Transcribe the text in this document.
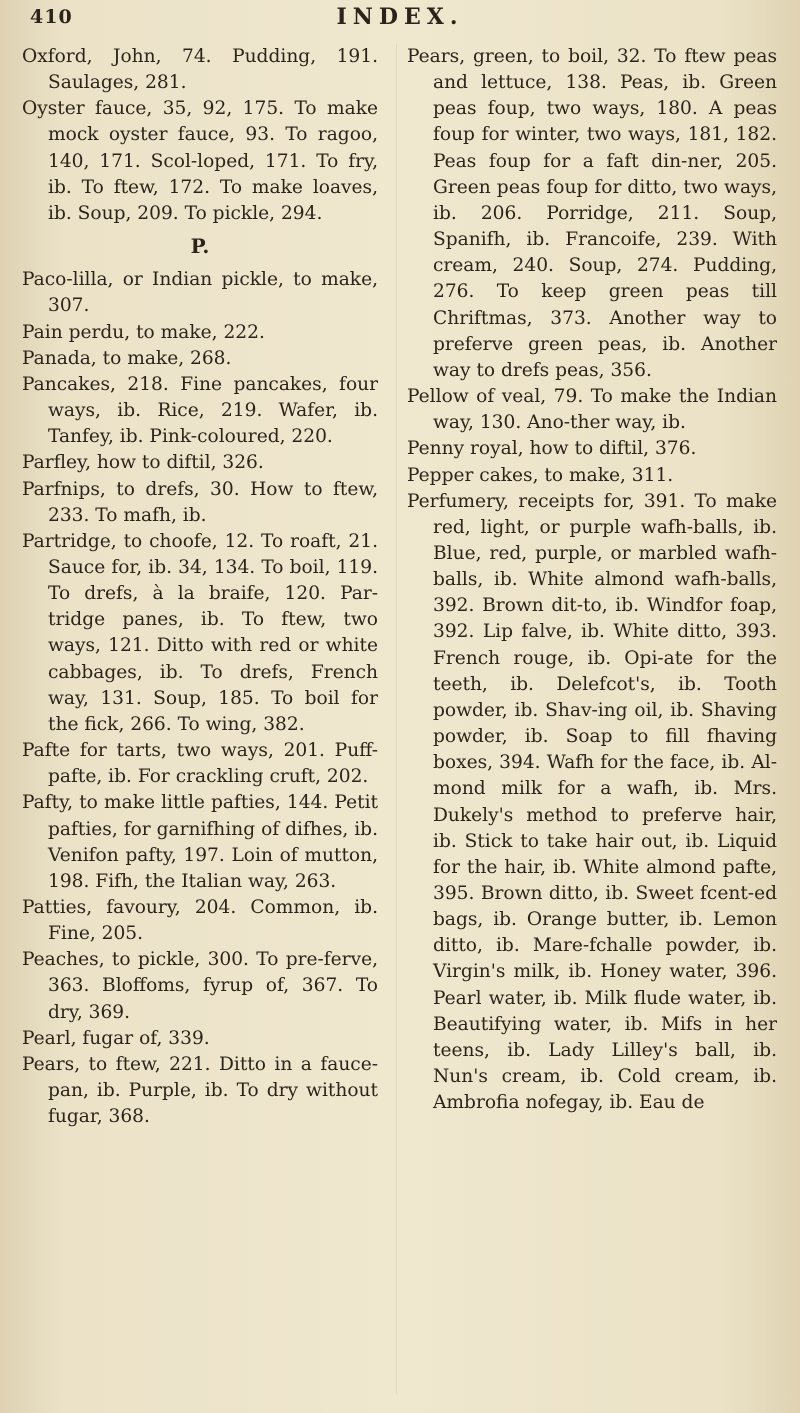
410	INDEX.

Oxford, John, 74. Pudding, 191. Saulages, 281.

Oyster fauce, 35, 92, 175. To make mock oyster fauce, 93. To ragoo, 140, 171. Scol-loped, 171. To fry, ib. To ftew, 172. To make loaves, ib. Soup, 209. To pickle, 294.

P.

Paco-lilla, or Indian pickle, to make, 307.

Pain perdu, to make, 222.

Panada, to make, 268.

Pancakes, 218. Fine pancakes, four ways, ib. Rice, 219. Wafer, ib. Tanfey, ib. Pink-coloured, 220.

Parfley, how to diftil, 326.

Parfnips, to drefs, 30. How to ftew, 233. To mafh, ib.

Partridge, to choofe, 12. To roaft, 21. Sauce for, ib. 34, 134. To boil, 119. To drefs, à la braife, 120. Par-tridge panes, ib. To ftew, two ways, 121. Ditto with red or white cabbages, ib. To drefs, French way, 131. Soup, 185. To boil for the fick, 266. To wing, 382.

Pafte for tarts, two ways, 201. Puff-pafte, ib. For crackling cruft, 202.

Pafty, to make little pafties, 144. Petit pafties, for garnifhing of difhes, ib. Venifon pafty, 197. Loin of mutton, 198. Fifh, the Italian way, 263.

Patties, favoury, 204. Common, ib. Fine, 205.

Peaches, to pickle, 300. To pre-ferve, 363. Bloffoms, fyrup of, 367. To dry, 369.

Pearl, fugar of, 339.

Pears, to ftew, 221. Ditto in a fauce-pan, ib. Purple, ib. To dry without fugar, 368.

Pears, green, to boil, 32. To ftew peas and lettuce, 138. Peas, ib. Green peas foup, two ways, 180. A peas foup for winter, two ways, 181, 182. Peas foup for a faft din-ner, 205. Green peas foup for ditto, two ways, ib. 206. Porridge, 211. Soup, Spanifh, ib. Francoife, 239. With cream, 240. Soup, 274. Pudding, 276. To keep green peas till Chriftmas, 373. Another way to preferve green peas, ib. Another way to drefs peas, 356.

Pellow of veal, 79. To make the Indian way, 130. Ano-ther way, ib.

Penny royal, how to diftil, 376.

Pepper cakes, to make, 311.

Perfumery, receipts for, 391. To make red, light, or purple wafh-balls, ib. Blue, red, purple, or marbled wafh-balls, ib. White almond wafh-balls, 392. Brown dit-to, ib. Windfor foap, 392. Lip falve, ib. White ditto, 393. French rouge, ib. Opi-ate for the teeth, ib. Delefcot's, ib. Tooth powder, ib. Shav-ing oil, ib. Shaving powder, ib. Soap to fill fhaving boxes, 394. Wafh for the face, ib. Al-mond milk for a wafh, ib. Mrs. Dukely's method to preferve hair, ib. Stick to take hair out, ib. Liquid for the hair, ib. White almond pafte, 395. Brown ditto, ib. Sweet fcent-ed bags, ib. Orange butter, ib. Lemon ditto, ib. Mare-fchalle powder, ib. Virgin's milk, ib. Honey water, 396. Pearl water, ib. Milk flude water, ib. Beautifying water, ib. Mifs in her teens, ib. Lady Lilley's ball, ib. Nun's cream, ib. Cold cream, ib. Ambrofia nofegay, ib. Eau de
